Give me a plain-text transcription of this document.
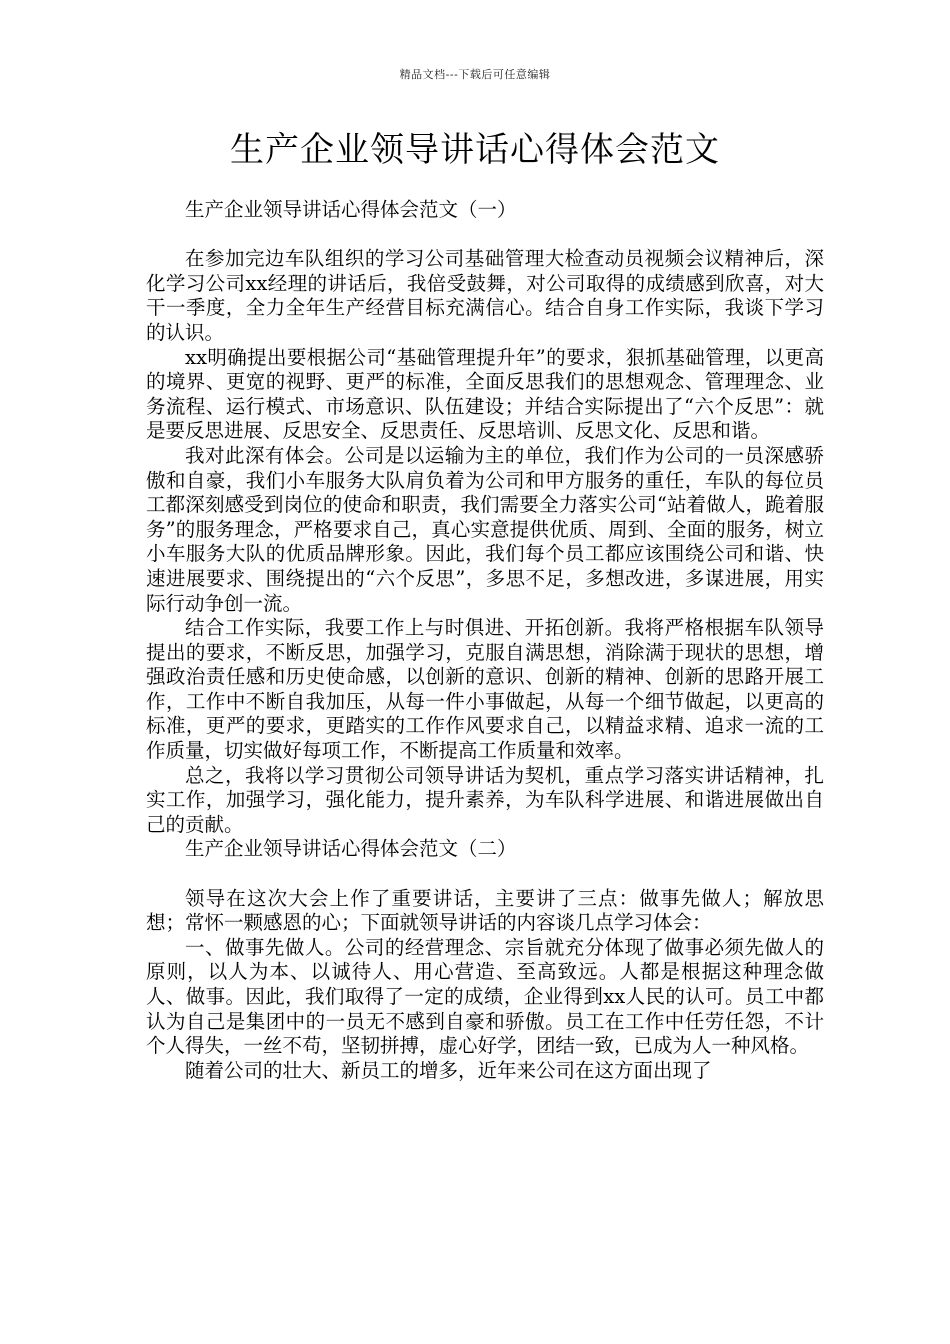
精品文档---下载后可任意编辑
生产企业领导讲话心得体会范文

生产企业领导讲话心得体会范文（一）

在参加完边车队组织的学习公司基础管理大检查动员视频会议精神后，深化学习公司xx经理的讲话后，我倍受鼓舞，对公司取得的成绩感到欣喜，对大干一季度，全力全年生产经营目标充满信心。结合自身工作实际，我谈下学习的认识。

xx明确提出要根据公司“基础管理提升年”的要求，狠抓基础管理，以更高的境界、更宽的视野、更严的标准，全面反思我们的思想观念、管理理念、业务流程、运行模式、市场意识、队伍建设；并结合实际提出了“六个反思”：就是要反思进展、反思安全、反思责任、反思培训、反思文化、反思和谐。

我对此深有体会。公司是以运输为主的单位，我们作为公司的一员深感骄傲和自豪，我们小车服务大队肩负着为公司和甲方服务的重任，车队的每位员工都深刻感受到岗位的使命和职责，我们需要全力落实公司“站着做人，跪着服务”的服务理念，严格要求自己，真心实意提供优质、周到、全面的服务，树立小车服务大队的优质品牌形象。因此，我们每个员工都应该围绕公司和谐、快速进展要求、围绕提出的“六个反思”，多思不足，多想改进，多谋进展，用实际行动争创一流。

结合工作实际，我要工作上与时俱进、开拓创新。我将严格根据车队领导提出的要求，不断反思，加强学习，克服自满思想，消除满于现状的思想，增强政治责任感和历史使命感，以创新的意识、创新的精神、创新的思路开展工作，工作中不断自我加压，从每一件小事做起，从每一个细节做起，以更高的标准，更严的要求，更踏实的工作作风要求自己，以精益求精、追求一流的工作质量，切实做好每项工作，不断提高工作质量和效率。

总之，我将以学习贯彻公司领导讲话为契机，重点学习落实讲话精神，扎实工作，加强学习，强化能力，提升素养，为车队科学进展、和谐进展做出自己的贡献。

生产企业领导讲话心得体会范文（二）

领导在这次大会上作了重要讲话，主要讲了三点：做事先做人；解放思想；常怀一颗感恩的心；下面就领导讲话的内容谈几点学习体会：

一、做事先做人。公司的经营理念、宗旨就充分体现了做事必须先做人的原则，以人为本、以诚待人、用心营造、至高致远。人都是根据这种理念做人、做事。因此，我们取得了一定的成绩，企业得到xx人民的认可。员工中都认为自己是集团中的一员无不感到自豪和骄傲。员工在工作中任劳任怨，不计个人得失，一丝不苟，坚韧拼搏，虚心好学，团结一致，已成为人一种风格。

随着公司的壮大、新员工的增多，近年来公司在这方面出现了
